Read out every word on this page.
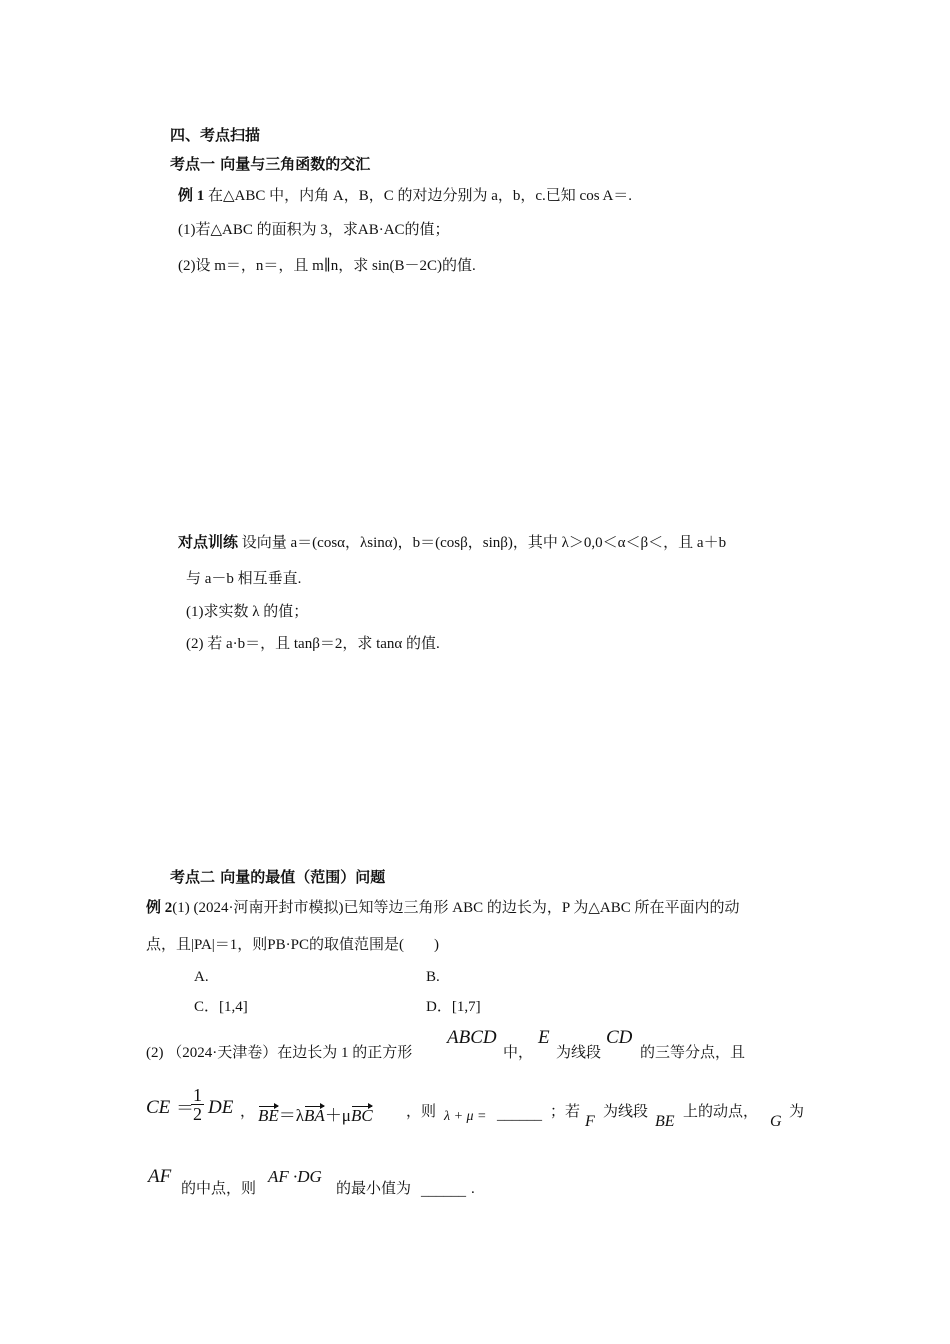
四、考点扫描
考点一 向量与三角函数的交汇
例 1 在△ABC 中，内角 A，B，C 的对边分别为 a，b，c.已知 cos A＝.
(1)若△ABC 的面积为 3，求AB·AC的值；
(2)设 m＝，n＝，且 m∥n，求 sin(B－2C)的值.
对点训练 设向量 a＝(cosα，λsinα)，b＝(cosβ，sinβ)，其中 λ＞0,0＜α＜β＜，且 a＋b
与 a－b 相互垂直.
(1)求实数 λ 的值；
(2) 若 a·b＝，且 tanβ＝2，求 tanα 的值.
考点二 向量的最值（范围）问题
例 2(1) (2024·河南开封市模拟)已知等边三角形 ABC 的边长为，P 为△ABC 所在平面内的动
点，且|PA|＝1，则PB·PC的取值范围是(　　)
A.	B.
C．[1,4]	D．[1,7]
(2) （2024·天津卷）在边长为 1 的正方形
ABCD
中，
E
为线段
CD
的三等分点，且
CE ＝
$\frac{1}{2}$ DE ， BE＝λBA＋μBC ，则 λ + μ = ______ ；若
F
为线段
BE
上的动点，
G
为
AF
的中点，则
AF ·DG
的最小值为 ______ .
